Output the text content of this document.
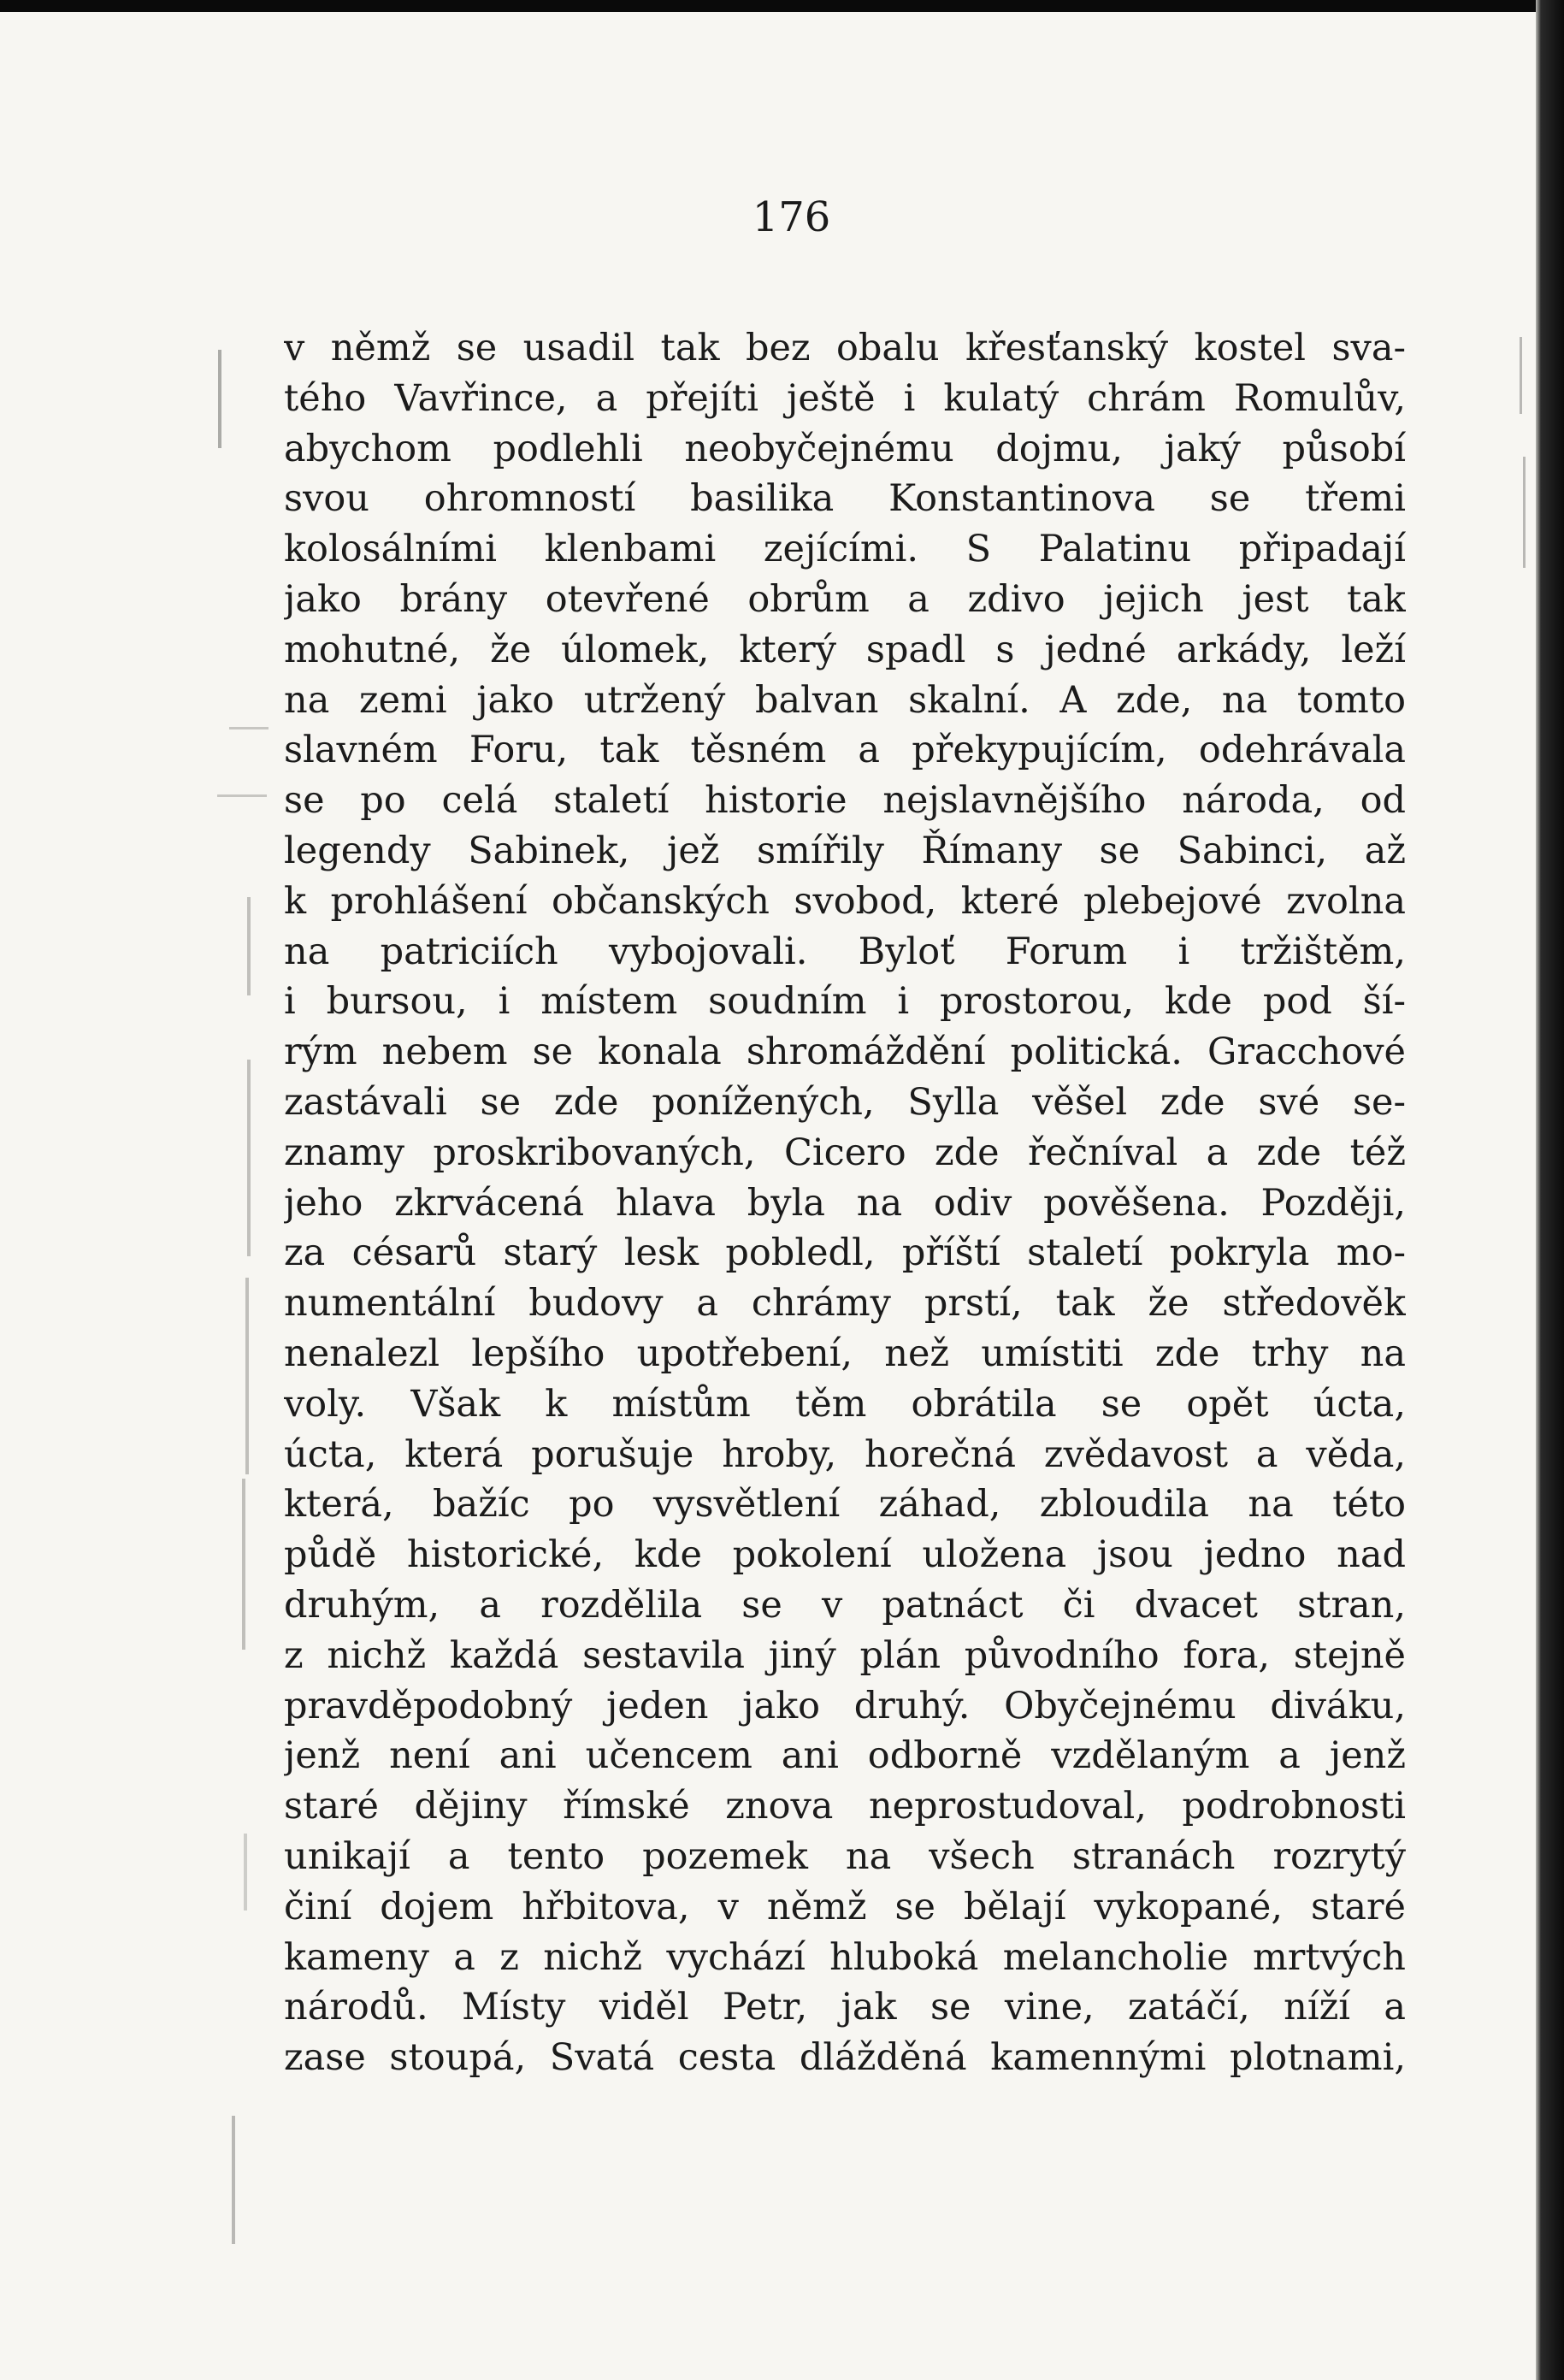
176
v němž se usadil tak bez obalu křesťanský kostel sva-
tého Vavřince, a přejíti ještě i kulatý chrám Romulův,
abychom podlehli neobyčejnému dojmu, jaký působí
svou ohromností basilika Konstantinova se třemi
kolosálními klenbami zejícími. S Palatinu připadají
jako brány otevřené obrům a zdivo jejich jest tak
mohutné, že úlomek, který spadl s jedné arkády, leží
na zemi jako utržený balvan skalní. A zde, na tomto
slavném Foru, tak těsném a překypujícím, odehrávala
se po celá staletí historie nejslavnějšího národa, od
legendy Sabinek, jež smířily Římany se Sabinci, až
k prohlášení občanských svobod, které plebejové zvolna
na patriciích vybojovali. Byloť Forum i tržištěm,
i bursou, i místem soudním i prostorou, kde pod ší-
rým nebem se konala shromáždění politická. Gracchové
zastávali se zde ponížených, Sylla věšel zde své se-
znamy proskribovaných, Cicero zde řečníval a zde též
jeho zkrvácená hlava byla na odiv pověšena. Později,
za césarů starý lesk pobledl, příští staletí pokryla mo-
numentální budovy a chrámy prstí, tak že středověk
nenalezl lepšího upotřebení, než umístiti zde trhy na
voly. Však k místům těm obrátila se opět úcta,
úcta, která porušuje hroby, horečná zvědavost a věda,
která, bažíc po vysvětlení záhad, zbloudila na této
půdě historické, kde pokolení uložena jsou jedno nad
druhým, a rozdělila se v patnáct či dvacet stran,
z nichž každá sestavila jiný plán původního fora, stejně
pravděpodobný jeden jako druhý. Obyčejnému diváku,
jenž není ani učencem ani odborně vzdělaným a jenž
staré dějiny římské znova neprostudoval, podrobnosti
unikají a tento pozemek na všech stranách rozrytý
činí dojem hřbitova, v němž se bělají vykopané, staré
kameny a z nichž vychází hluboká melancholie mrtvých
národů. Místy viděl Petr, jak se vine, zatáčí, níží a
zase stoupá, Svatá cesta dlážděná kamennými plotnami,
